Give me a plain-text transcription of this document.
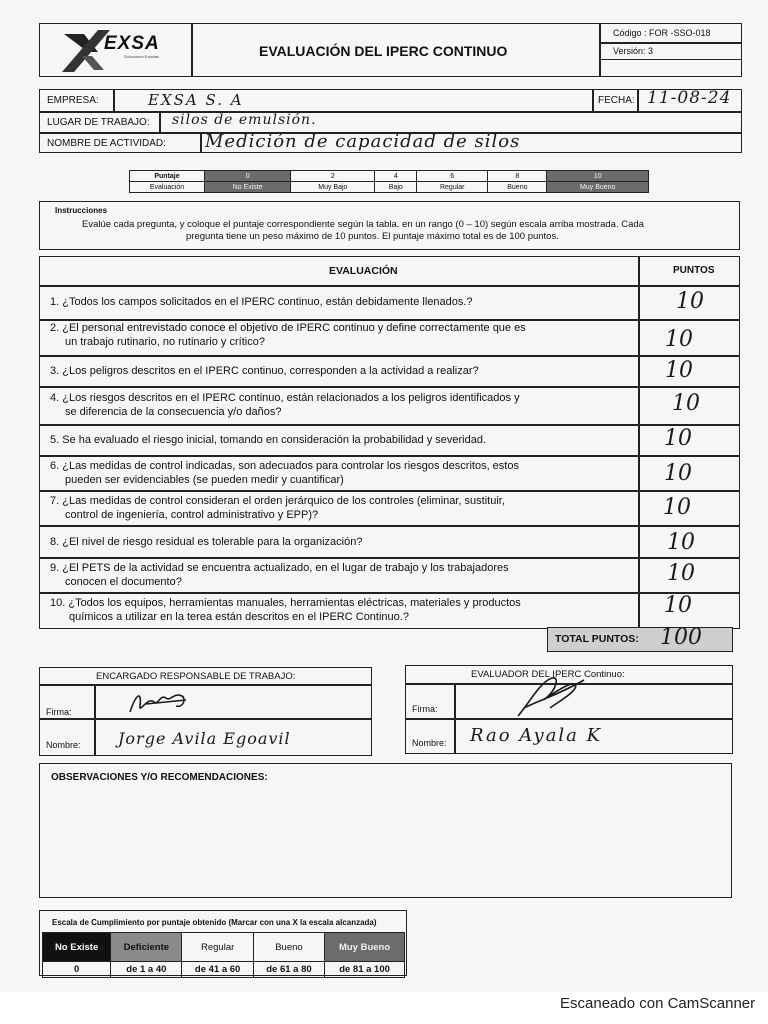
EXSA
Soluciones Exactas	EVALUACIÓN DEL IPERC CONTINUO
Código : FOR -SSO-018
Versión: 3
EMPRESA:	EXSA S. A	FECHA: 11-08-24
LUGAR DE TRABAJO: silos de emulsión.
NOMBRE DE ACTIVIDAD: Medición de capacidad de silos
Puntaje	0	2	4	6	8	10
Evaluación	No Existe	Muy Bajo	Bajo	Regular	Bueno	Muy Bueno
Instrucciones
Evalúe cada pregunta, y coloque el puntaje correspondiente según la tabla. en un rango (0 – 10) según escala arriba mostrada. Cada
pregunta tiene un peso máximo de 10 puntos. El puntaje máximo total es de 100 puntos.
EVALUACIÓN	PUNTOS
1. ¿Todos los campos solicitados en el IPERC continuo, están debidamente llenados.?	10
2. ¿El personal entrevistado conoce el objetivo de IPERC continuo y define correctamente que es
un trabajo rutinario, no rutinario y crítico?	10
3. ¿Los peligros descritos en el IPERC continuo, corresponden a la actividad a realizar?	10
4. ¿Los riesgos descritos en el IPERC continuo, están relacionados a los peligros identificados y
se diferencia de la consecuencia y/o daños?	10
5. Se ha evaluado el riesgo inicial, tomando en consideración la probabilidad y severidad.	10
6. ¿Las medidas de control indicadas, son adecuados para controlar los riesgos descritos, estos
pueden ser evidenciables (se pueden medir y cuantificar)	10
7. ¿Las medidas de control consideran el orden jerárquico de los controles (eliminar, sustituir,
control de ingeniería, control administrativo y EPP)?	10
8. ¿El nivel de riesgo residual es tolerable para la organización?	10
9. ¿El PETS de la actividad se encuentra actualizado, en el lugar de trabajo y los trabajadores
conocen el documento?	10
10. ¿Todos los equipos, herramientas manuales, herramientas eléctricas, materiales y productos
químicos a utilizar en la terea están descritos en el IPERC Continuo.?	10
TOTAL PUNTOS: 100
ENCARGADO RESPONSABLE DE TRABAJO:
Firma:
Nombre: Jorge Avila Egoavil
EVALUADOR DEL IPERC Continuo:
Firma:
Nombre: Rao Ayala K
OBSERVACIONES Y/O RECOMENDACIONES:
Escala de Cumplimiento por puntaje obtenido (Marcar con una X la escala alcanzada)
No Existe	Deficiente	Regular	Bueno	Muy Bueno
0	de 1 a 40	de 41 a 60	de 61 a 80	de 81 a 100
Escaneado con CamScanner
